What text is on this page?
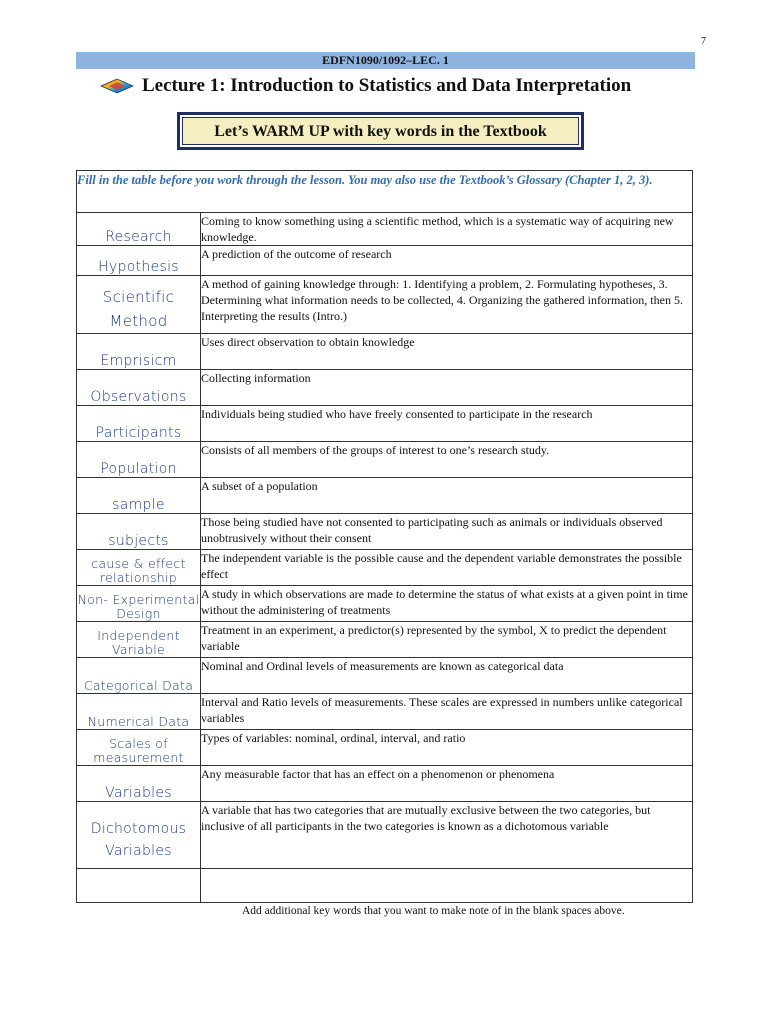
7
EDFN1090/1092–LEC. 1
Lecture 1: Introduction to Statistics and Data Interpretation
Let’s WARM UP with key words in the Textbook
Fill in the table before you work through the lesson. You may also use the Textbook’s Glossary (Chapter 1, 2, 3).	

Research	Coming to know something using a scientific method, which is a systematic way of acquiring new knowledge.

Hypothesis	A prediction of the outcome of research

Scientific Method	A method of gaining knowledge through: 1. Identifying a problem, 2. Formulating hypotheses, 3. Determining what information needs to be collected, 4. Organizing the gathered information, then 5. Interpreting the results (Intro.)

Emprisicm	Uses direct observation to obtain knowledge

Observations	Collecting information

Participants	Individuals being studied who have freely consented to participate in the research

Population	Consists of all members of the groups of interest to one’s research study.

sample	A subset of a population

subjects	Those being studied have not consented to participating such as animals or individuals observed unobtrusively without their consent

cause & effect relationship	The independent variable is the possible cause and the dependent variable demonstrates the possible effect

Non- Experimental Design	A study in which observations are made to determine the status of what exists at a given point in time without the administering of treatments

Independent Variable	Treatment in an experiment, a predictor(s) represented by the symbol, X to predict the dependent variable

Categorical Data	Nominal and Ordinal levels of measurements are known as categorical data

Numerical Data	Interval and Ratio levels of measurements. These scales are expressed in numbers unlike categorical variables

Scales of measurement	Types of variables: nominal, ordinal, interval, and ratio

Variables	Any measurable factor that has an effect on a phenomenon or phenomena

Dichotomous Variables	A variable that has two categories that are mutually exclusive between the two categories, but inclusive of all participants in the two categories is known as a dichotomous variable

Add additional key words that you want to make note of in the blank spaces above.
